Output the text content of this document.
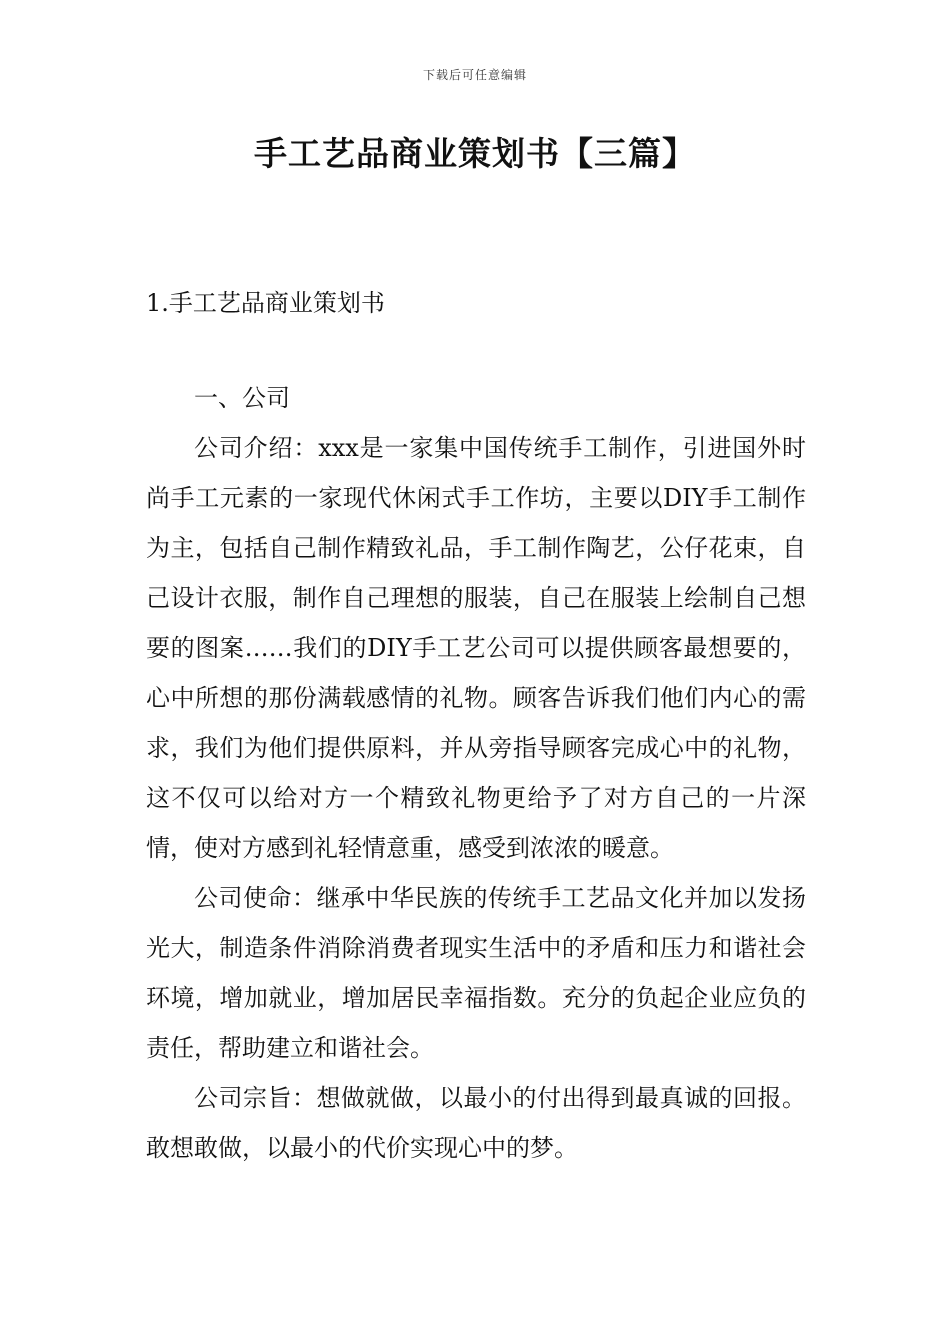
下载后可任意编辑
手工艺品商业策划书【三篇】
1.手工艺品商业策划书

一、公司

公司介绍：xxx是一家集中国传统手工制作，引进国外时尚手工元素的一家现代休闲式手工作坊，主要以DIY手工制作为主，包括自己制作精致礼品，手工制作陶艺，公仔花束，自己设计衣服，制作自己理想的服装，自己在服装上绘制自己想要的图案……我们的DIY手工艺公司可以提供顾客最想要的，心中所想的那份满载感情的礼物。顾客告诉我们他们内心的需求，我们为他们提供原料，并从旁指导顾客完成心中的礼物，这不仅可以给对方一个精致礼物更给予了对方自己的一片深情，使对方感到礼轻情意重，感受到浓浓的暖意。

公司使命：继承中华民族的传统手工艺品文化并加以发扬光大，制造条件消除消费者现实生活中的矛盾和压力和谐社会环境，增加就业，增加居民幸福指数。充分的负起企业应负的责任，帮助建立和谐社会。

公司宗旨：想做就做，以最小的付出得到最真诚的回报。敢想敢做，以最小的代价实现心中的梦。
